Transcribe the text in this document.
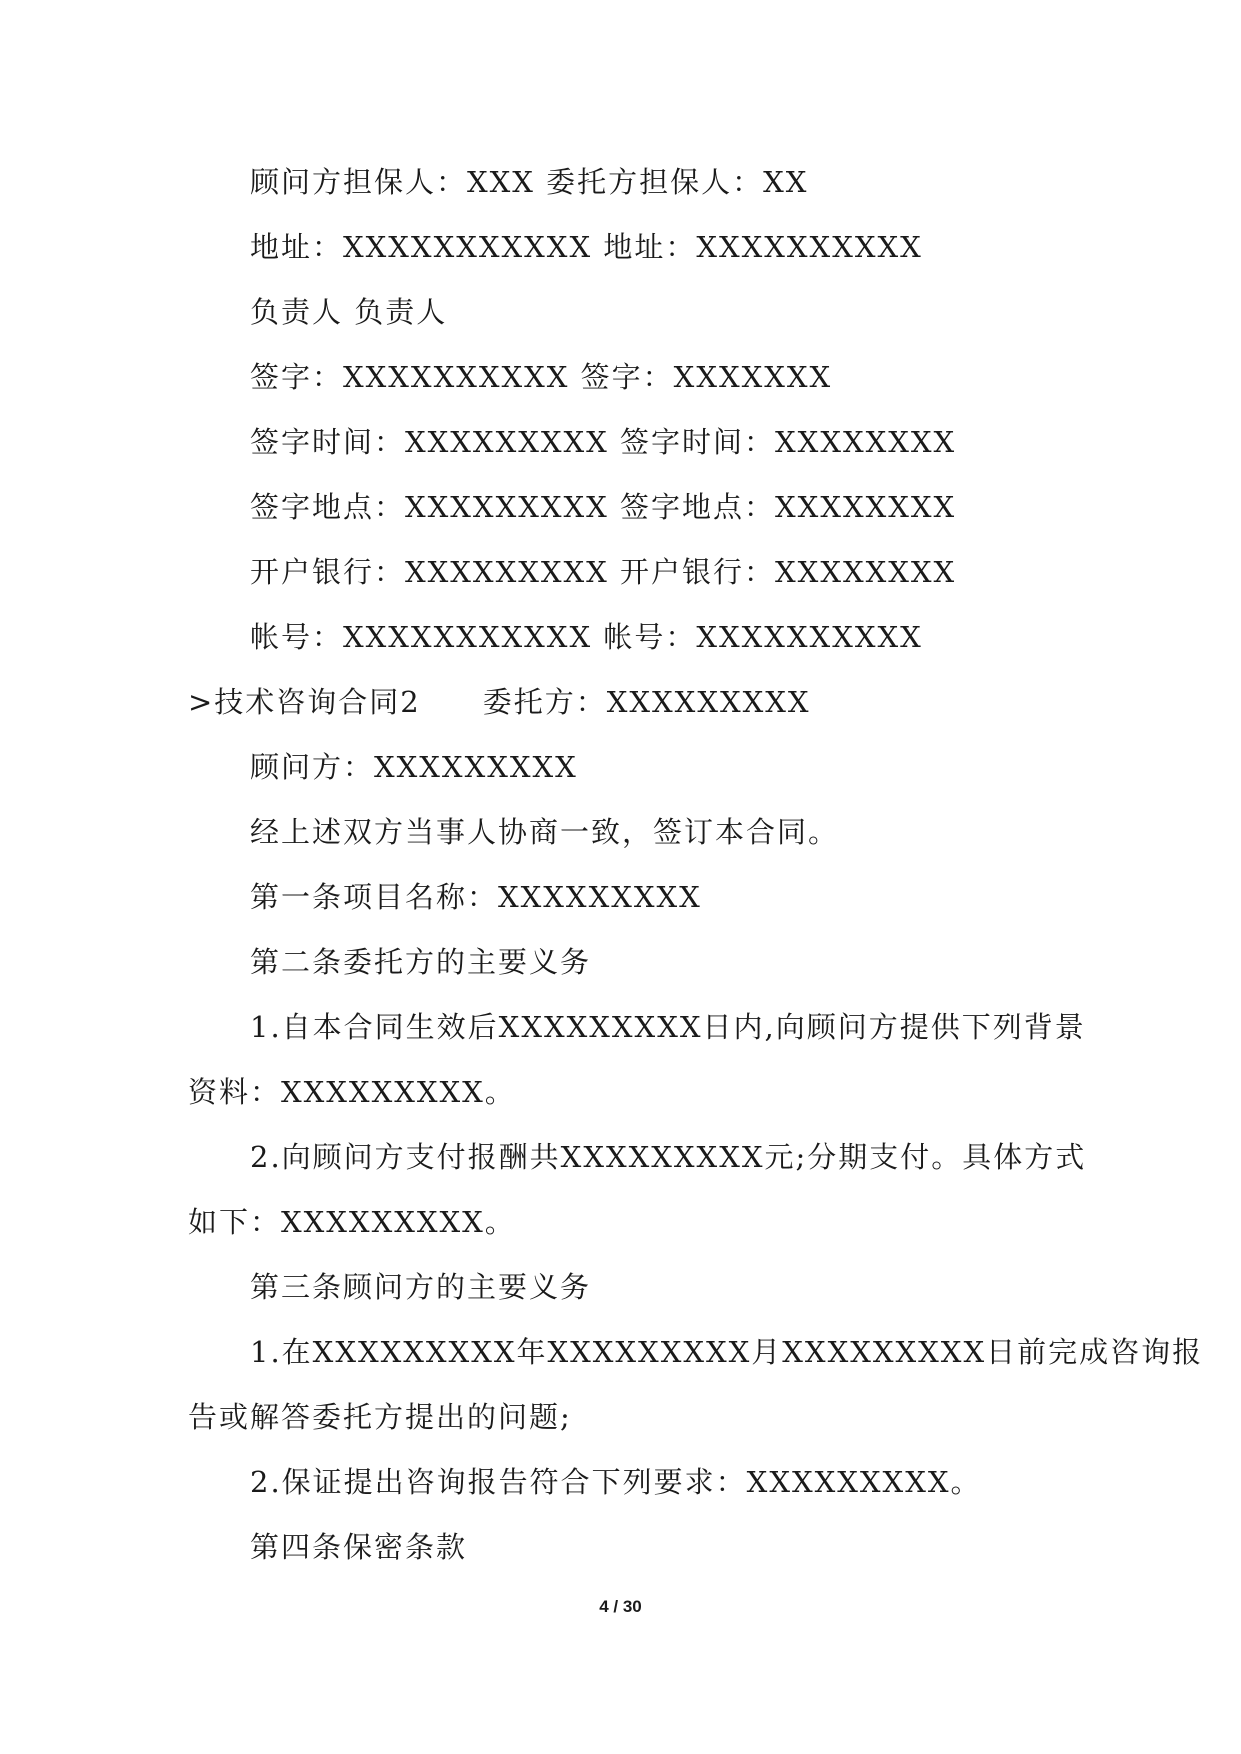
顾问方担保人：XXX 委托方担保人：XX
地址：XXXXXXXXXXX 地址：XXXXXXXXXX
负责人 负责人
签字：XXXXXXXXXX 签字：XXXXXXX
签字时间：XXXXXXXXX 签字时间：XXXXXXXX
签字地点：XXXXXXXXX 签字地点：XXXXXXXX
开户银行：XXXXXXXXX 开户银行：XXXXXXXX
帐号：XXXXXXXXXXX 帐号：XXXXXXXXXX
>技术咨询合同2　　委托方：XXXXXXXXX
顾问方：XXXXXXXXX
经上述双方当事人协商一致，签订本合同。
第一条项目名称：XXXXXXXXX
第二条委托方的主要义务
1.自本合同生效后XXXXXXXXX日内,向顾问方提供下列背景
资料：XXXXXXXXX。
2.向顾问方支付报酬共XXXXXXXXX元;分期支付。具体方式
如下：XXXXXXXXX。
第三条顾问方的主要义务
1.在XXXXXXXXX年XXXXXXXXX月XXXXXXXXX日前完成咨询报
告或解答委托方提出的问题;
2.保证提出咨询报告符合下列要求：XXXXXXXXX。
第四条保密条款
4 / 30
